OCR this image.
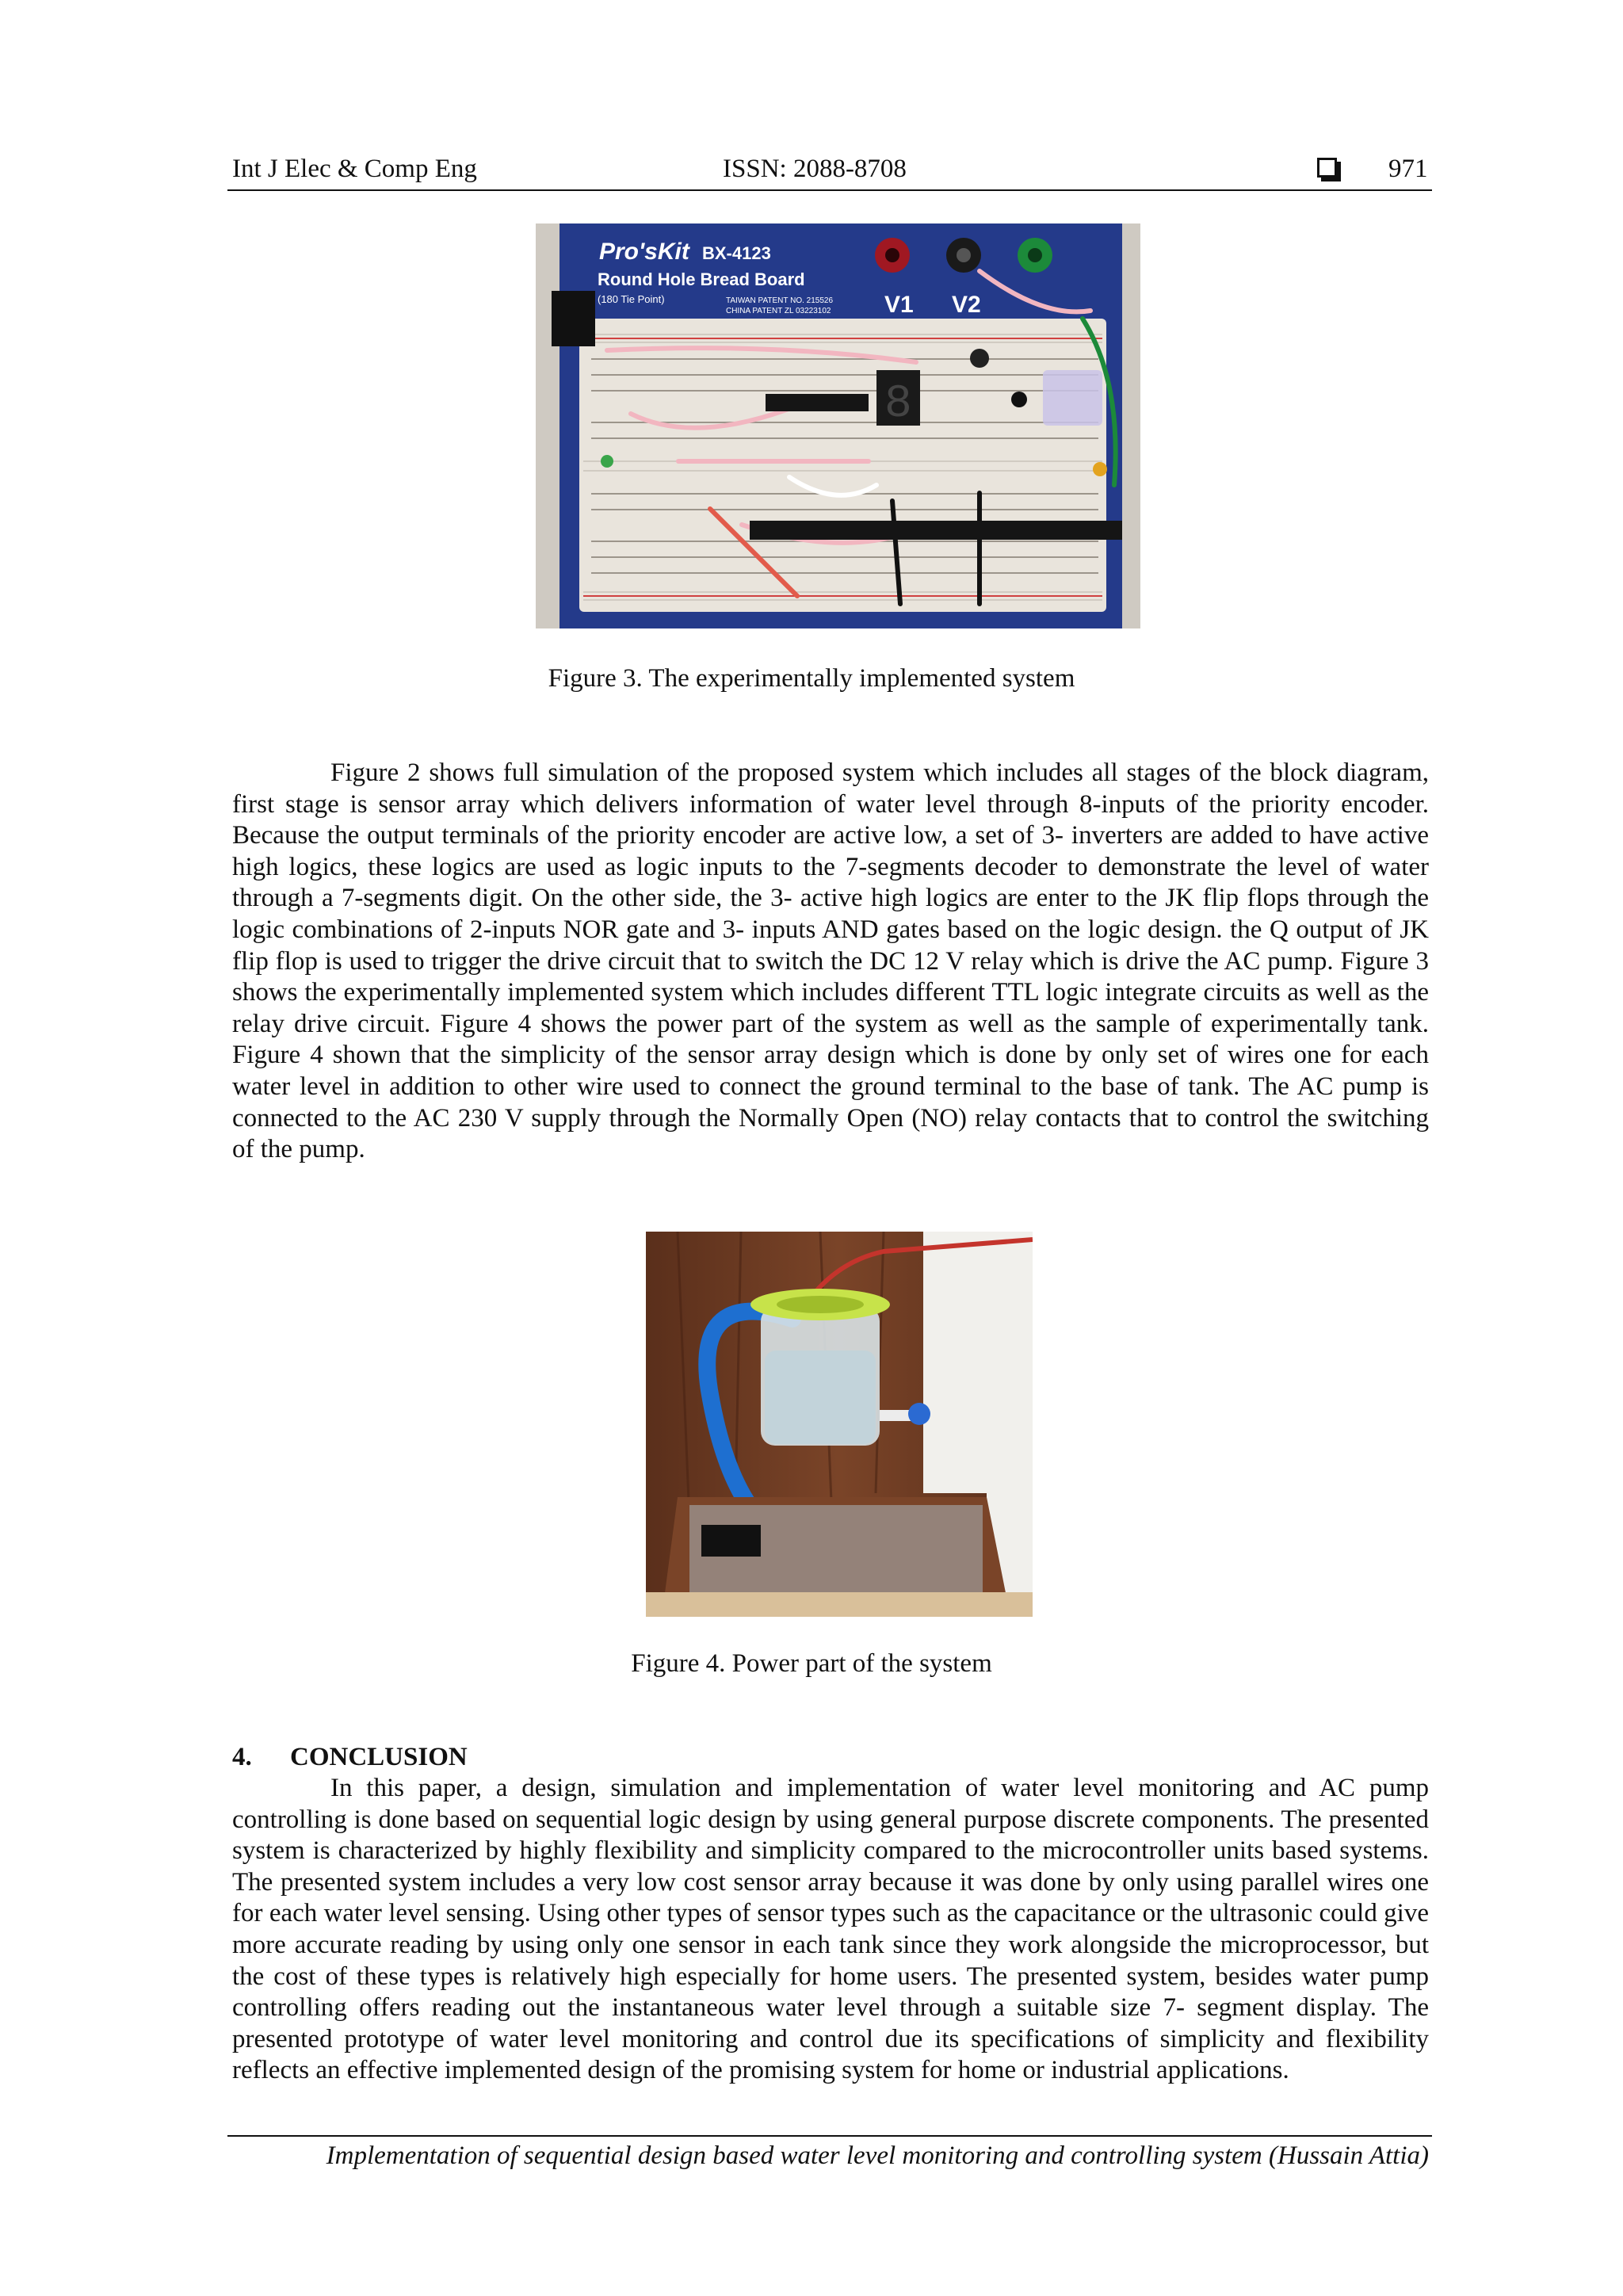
Int J Elec & Comp Eng	ISSN: 2088-8708	971
Pro'sKit BX-4123
Round Hole Bread Board
(180 Tie Point)	TAIWAN PATENT NO. 215526
CHINA PATENT ZL 03223102 V1 V2
8
Figure 3. The experimentally implemented system

Figure 2 shows full simulation of the proposed system which includes all stages of the block diagram, first stage is sensor array which delivers information of water level through 8-inputs of the priority encoder. Because the output terminals of the priority encoder are active low, a set of 3- inverters are added to have active high logics, these logics are used as logic inputs to the 7-segments decoder to demonstrate the level of water through a 7-segments digit. On the other side, the 3- active high logics are enter to the JK flip flops through the logic combinations of 2-inputs NOR gate and 3- inputs AND gates based on the logic design. the Q output of JK flip flop is used to trigger the drive circuit that to switch the DC 12 V relay which is drive the AC pump. Figure 3 shows the experimentally implemented system which includes different TTL logic integrate circuits as well as the relay drive circuit. Figure 4 shows the power part of the system as well as the sample of experimentally tank. Figure 4 shown that the simplicity of the sensor array design which is done by only set of wires one for each water level in addition to other wire used to connect the ground terminal to the base of tank. The AC pump is connected to the AC 230 V supply through the Normally Open (NO) relay contacts that to control the switching of the pump.

Figure 4. Power part of the system
4. CONCLUSION

In this paper, a design, simulation and implementation of water level monitoring and AC pump controlling is done based on sequential logic design by using general purpose discrete components. The presented system is characterized by highly flexibility and simplicity compared to the microcontroller units based systems. The presented system includes a very low cost sensor array because it was done by only using parallel wires one for each water level sensing. Using other types of sensor types such as the capacitance or the ultrasonic could give more accurate reading by using only one sensor in each tank since they work alongside the microprocessor, but the cost of these types is relatively high especially for home users. The presented system, besides water pump controlling offers reading out the instantaneous water level through a suitable size 7- segment display. The presented prototype of water level monitoring and control due its specifications of simplicity and flexibility reflects an effective implemented design of the promising system for home or industrial applications.

Implementation of sequential design based water level monitoring and controlling system (Hussain Attia)
